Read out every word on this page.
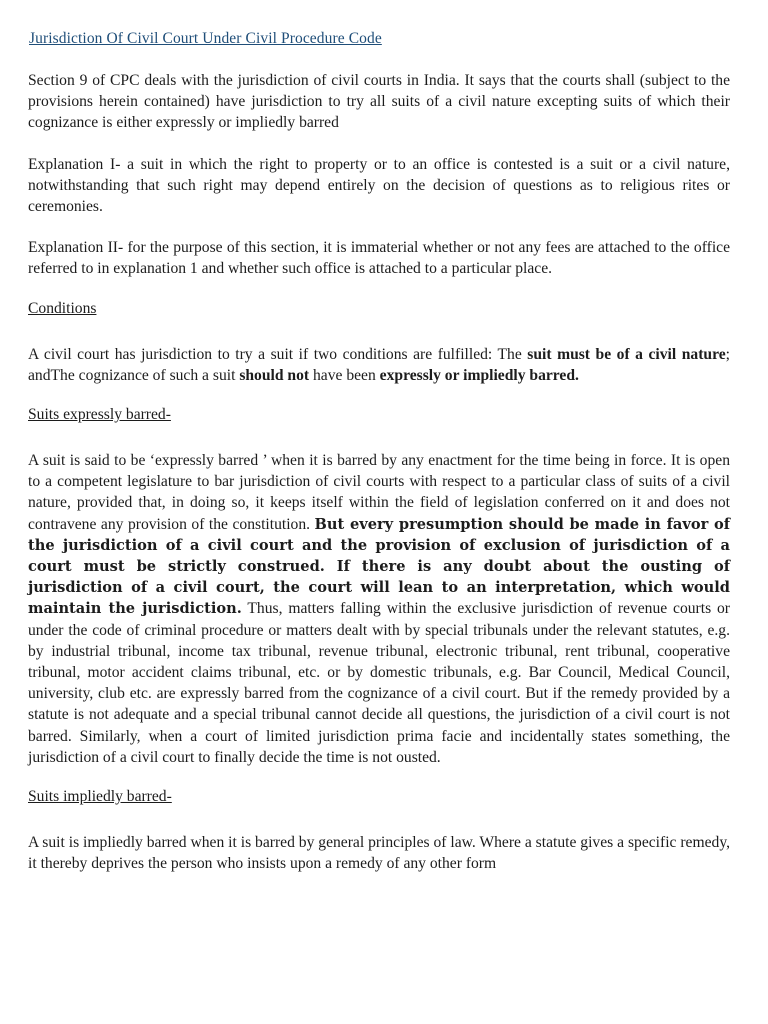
Jurisdiction Of Civil Court Under Civil Procedure Code

Section 9 of CPC deals with the jurisdiction of civil courts in India. It says that the courts shall (subject to the provisions herein contained) have jurisdiction to try all suits of a civil nature excepting suits of which their cognizance is either expressly or impliedly barred

Explanation I- a suit in which the right to property or to an office is contested is a suit or a civil nature, notwithstanding that such right may depend entirely on the decision of questions as to religious rites or ceremonies.

Explanation II- for the purpose of this section, it is immaterial whether or not any fees are attached to the office referred to in explanation 1 and whether such office is attached to a particular place.

Conditions

A civil court has jurisdiction to try a suit if two conditions are fulfilled: The suit must be of a civil nature; andThe cognizance of such a suit should not have been expressly or impliedly barred.

Suits expressly barred-

A suit is said to be ‘expressly barred ’ when it is barred by any enactment for the time being in force. It is open to a competent legislature to bar jurisdiction of civil courts with respect to a particular class of suits of a civil nature, provided that, in doing so, it keeps itself within the field of legislation conferred on it and does not contravene any provision of the constitution. But every presumption should be made in favor of the jurisdiction of a civil court and the provision of exclusion of jurisdiction of a court must be strictly construed. If there is any doubt about the ousting of jurisdiction of a civil court, the court will lean to an interpretation, which would maintain the jurisdiction. Thus, matters falling within the exclusive jurisdiction of revenue courts or under the code of criminal procedure or matters dealt with by special tribunals under the relevant statutes, e.g. by industrial tribunal, income tax tribunal, revenue tribunal, electronic tribunal, rent tribunal, cooperative tribunal, motor accident claims tribunal, etc. or by domestic tribunals, e.g. Bar Council, Medical Council, university, club etc. are expressly barred from the cognizance of a civil court. But if the remedy provided by a statute is not adequate and a special tribunal cannot decide all questions, the jurisdiction of a civil court is not barred. Similarly, when a court of limited jurisdiction prima facie and incidentally states something, the jurisdiction of a civil court to finally decide the time is not ousted.

Suits impliedly barred-

A suit is impliedly barred when it is barred by general principles of law. Where a statute gives a specific remedy, it thereby deprives the person who insists upon a remedy of any other form
